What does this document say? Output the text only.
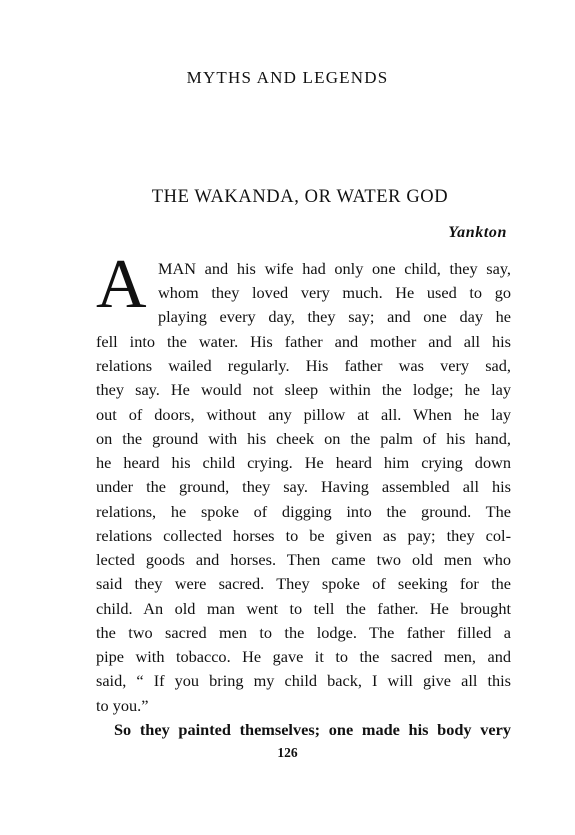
MYTHS AND LEGENDS
THE WAKANDA, OR WATER GOD
Yankton
A MAN and his wife had only one child, they say,
whom they loved very much. He used to go
playing every day, they say; and one day he
fell into the water. His father and mother and all his
relations wailed regularly. His father was very sad,
they say. He would not sleep within the lodge; he lay
out of doors, without any pillow at all. When he lay
on the ground with his cheek on the palm of his hand,
he heard his child crying. He heard him crying down
under the ground, they say. Having assembled all his
relations, he spoke of digging into the ground. The
relations collected horses to be given as pay; they col-
lected goods and horses. Then came two old men who
said they were sacred. They spoke of seeking for the
child. An old man went to tell the father. He brought
the two sacred men to the lodge. The father filled a
pipe with tobacco. He gave it to the sacred men, and
said, “ If you bring my child back, I will give all this
to you.”
So they painted themselves; one made his body very
126
